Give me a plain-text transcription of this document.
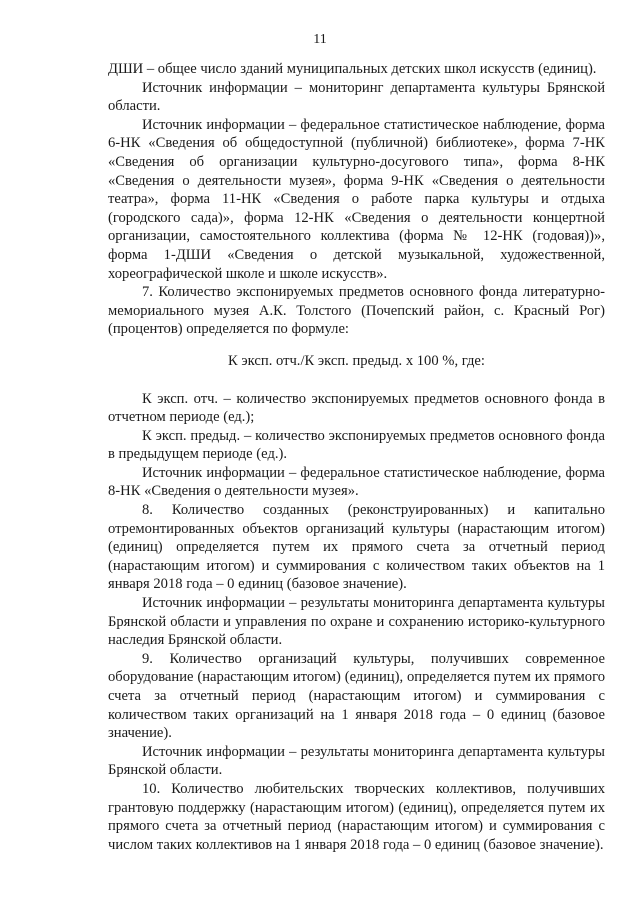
11

ДШИ – общее число зданий муниципальных детских школ искусств (единиц).

Источник информации – мониторинг департамента культуры Брянской области.

Источник информации – федеральное статистическое наблюдение, форма 6-НК «Сведения об общедоступной (публичной) библиотеке», форма 7-НК «Сведения об организации культурно-досугового типа», форма 8-НК «Сведения о деятельности музея», форма 9-НК «Сведения о деятельности театра», форма 11-НК «Сведения о работе парка культуры и отдыха (городского сада)», форма 12-НК «Сведения о деятельности концертной организации, самостоятельного коллектива (форма № 12-НК (годовая))», форма 1-ДШИ «Сведения о детской музыкальной, художественной, хореографической школе и школе искусств».

7. Количество экспонируемых предметов основного фонда литературно-мемориального музея А.К. Толстого (Почепский район, с. Красный Рог) (процентов) определяется по формуле:

К эксп. отч./К эксп. предыд. х 100 %, где:

К эксп. отч. – количество экспонируемых предметов основного фонда в отчетном периоде (ед.);

К эксп. предыд. – количество экспонируемых предметов основного фонда в предыдущем периоде (ед.).

Источник информации – федеральное статистическое наблюдение, форма 8-НК «Сведения о деятельности музея».

8. Количество созданных (реконструированных) и капитально отремонтированных объектов организаций культуры (нарастающим итогом) (единиц) определяется путем их прямого счета за отчетный период (нарастающим итогом) и суммирования с количеством таких объектов на 1 января 2018 года – 0 единиц (базовое значение).

Источник информации – результаты мониторинга департамента культуры Брянской области и управления по охране и сохранению историко-культурного наследия Брянской области.

9. Количество организаций культуры, получивших современное оборудование (нарастающим итогом) (единиц), определяется путем их прямого счета за отчетный период (нарастающим итогом) и суммирования с количеством таких организаций на 1 января 2018 года – 0 единиц (базовое значение).

Источник информации – результаты мониторинга департамента культуры Брянской области.

10. Количество любительских творческих коллективов, получивших грантовую поддержку (нарастающим итогом) (единиц), определяется путем их прямого счета за отчетный период (нарастающим итогом) и суммирования с числом таких коллективов на 1 января 2018 года – 0 единиц (базовое значение).
